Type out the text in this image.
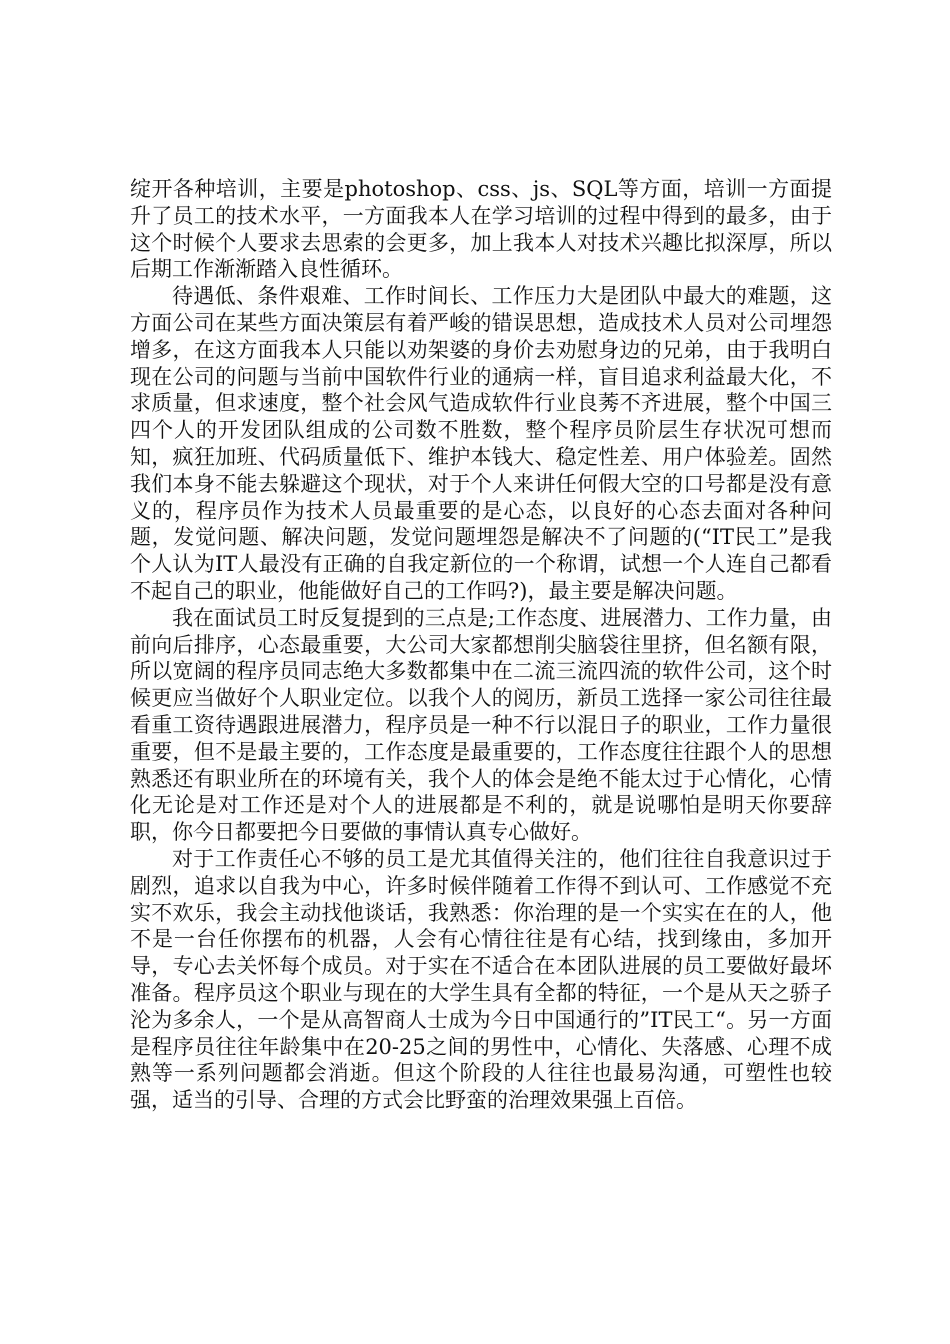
绽开各种培训，主要是photoshop、css、js、SQL等方面，培训一方面提升了员工的技术水平，一方面我本人在学习培训的过程中得到的最多，由于这个时候个人要求去思索的会更多，加上我本人对技术兴趣比拟深厚，所以后期工作渐渐踏入良性循环。

待遇低、条件艰难、工作时间长、工作压力大是团队中最大的难题，这方面公司在某些方面决策层有着严峻的错误思想，造成技术人员对公司埋怨增多，在这方面我本人只能以劝架婆的身价去劝慰身边的兄弟，由于我明白现在公司的问题与当前中国软件行业的通病一样，盲目追求利益最大化，不求质量，但求速度，整个社会风气造成软件行业良莠不齐进展，整个中国三四个人的开发团队组成的公司数不胜数，整个程序员阶层生存状况可想而知，疯狂加班、代码质量低下、维护本钱大、稳定性差、用户体验差。固然我们本身不能去躲避这个现状，对于个人来讲任何假大空的口号都是没有意义的，程序员作为技术人员最重要的是心态，以良好的心态去面对各种问题，发觉问题、解决问题，发觉问题埋怨是解决不了问题的(“IT民工”是我个人认为IT人最没有正确的自我定新位的一个称谓，试想一个人连自己都看不起自己的职业，他能做好自己的工作吗?)，最主要是解决问题。

我在面试员工时反复提到的三点是;工作态度、进展潜力、工作力量，由前向后排序，心态最重要，大公司大家都想削尖脑袋往里挤，但名额有限，所以宽阔的程序员同志绝大多数都集中在二流三流四流的软件公司，这个时候更应当做好个人职业定位。以我个人的阅历，新员工选择一家公司往往最看重工资待遇跟进展潜力，程序员是一种不行以混日子的职业，工作力量很重要，但不是最主要的，工作态度是最重要的，工作态度往往跟个人的思想熟悉还有职业所在的环境有关，我个人的体会是绝不能太过于心情化，心情化无论是对工作还是对个人的进展都是不利的，就是说哪怕是明天你要辞职，你今日都要把今日要做的事情认真专心做好。

对于工作责任心不够的员工是尤其值得关注的，他们往往自我意识过于剧烈，追求以自我为中心，许多时候伴随着工作得不到认可、工作感觉不充实不欢乐，我会主动找他谈话，我熟悉：你治理的是一个实实在在的人，他不是一台任你摆布的机器，人会有心情往往是有心结，找到缘由，多加开导，专心去关怀每个成员。对于实在不适合在本团队进展的员工要做好最坏准备。程序员这个职业与现在的大学生具有全都的特征，一个是从天之骄子沦为多余人，一个是从高智商人士成为今日中国通行的”IT民工“。另一方面是程序员往往年龄集中在20-25之间的男性中，心情化、失落感、心理不成熟等一系列问题都会消逝。但这个阶段的人往往也最易沟通，可塑性也较强，适当的引导、合理的方式会比野蛮的治理效果强上百倍。
